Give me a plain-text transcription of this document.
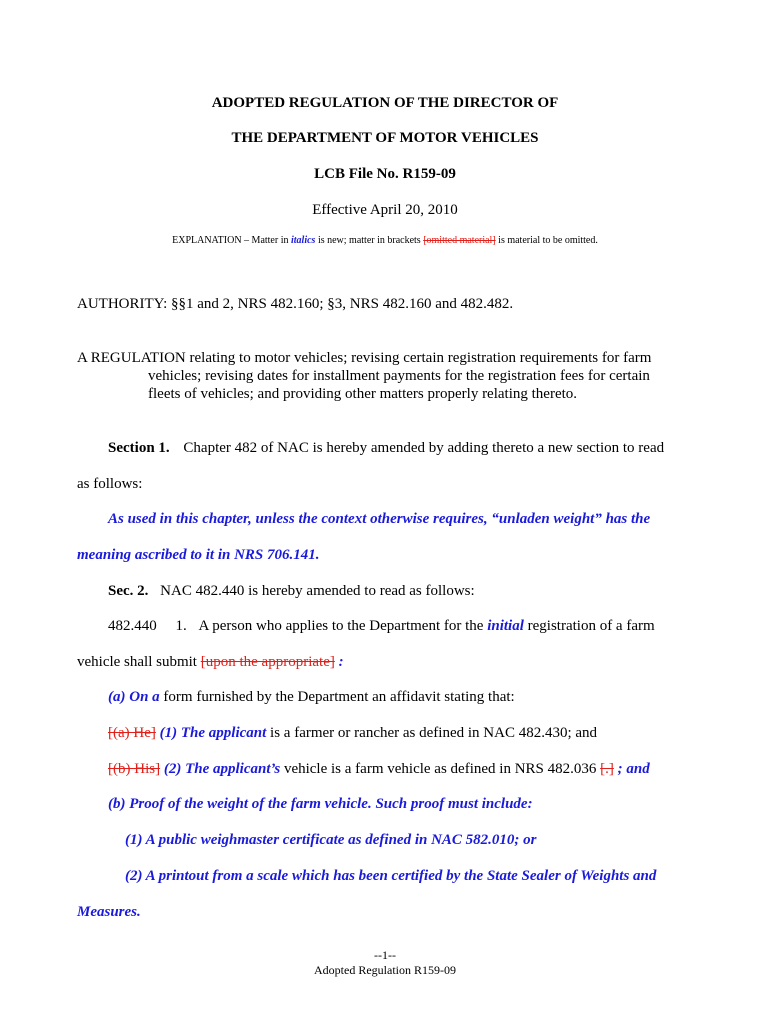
ADOPTED REGULATION OF THE DIRECTOR OF
THE DEPARTMENT OF MOTOR VEHICLES
LCB File No. R159-09
Effective April 20, 2010
EXPLANATION – Matter in italics is new; matter in brackets [omitted material] is material to be omitted.
AUTHORITY: §§1 and 2, NRS 482.160; §3, NRS 482.160 and 482.482.
A REGULATION relating to motor vehicles; revising certain registration requirements for farm
vehicles; revising dates for installment payments for the registration fees for certain
fleets of vehicles; and providing other matters properly relating thereto.
Section 1. Chapter 482 of NAC is hereby amended by adding thereto a new section to read
as follows:
As used in this chapter, unless the context otherwise requires, “unladen weight” has the
meaning ascribed to it in NRS 706.141.
Sec. 2. NAC 482.440 is hereby amended to read as follows:
482.440     1. A person who applies to the Department for the initial registration of a farm
vehicle shall submit [upon the appropriate] :
(a) On a form furnished by the Department an affidavit stating that:
[(a) He] (1) The applicant is a farmer or rancher as defined in NAC 482.430; and
[(b) His] (2) The applicant’s vehicle is a farm vehicle as defined in NRS 482.036 [.] ; and
(b) Proof of the weight of the farm vehicle. Such proof must include:
(1) A public weighmaster certificate as defined in NAC 582.010; or
(2) A printout from a scale which has been certified by the State Sealer of Weights and
Measures.
--1--
Adopted Regulation R159-09
